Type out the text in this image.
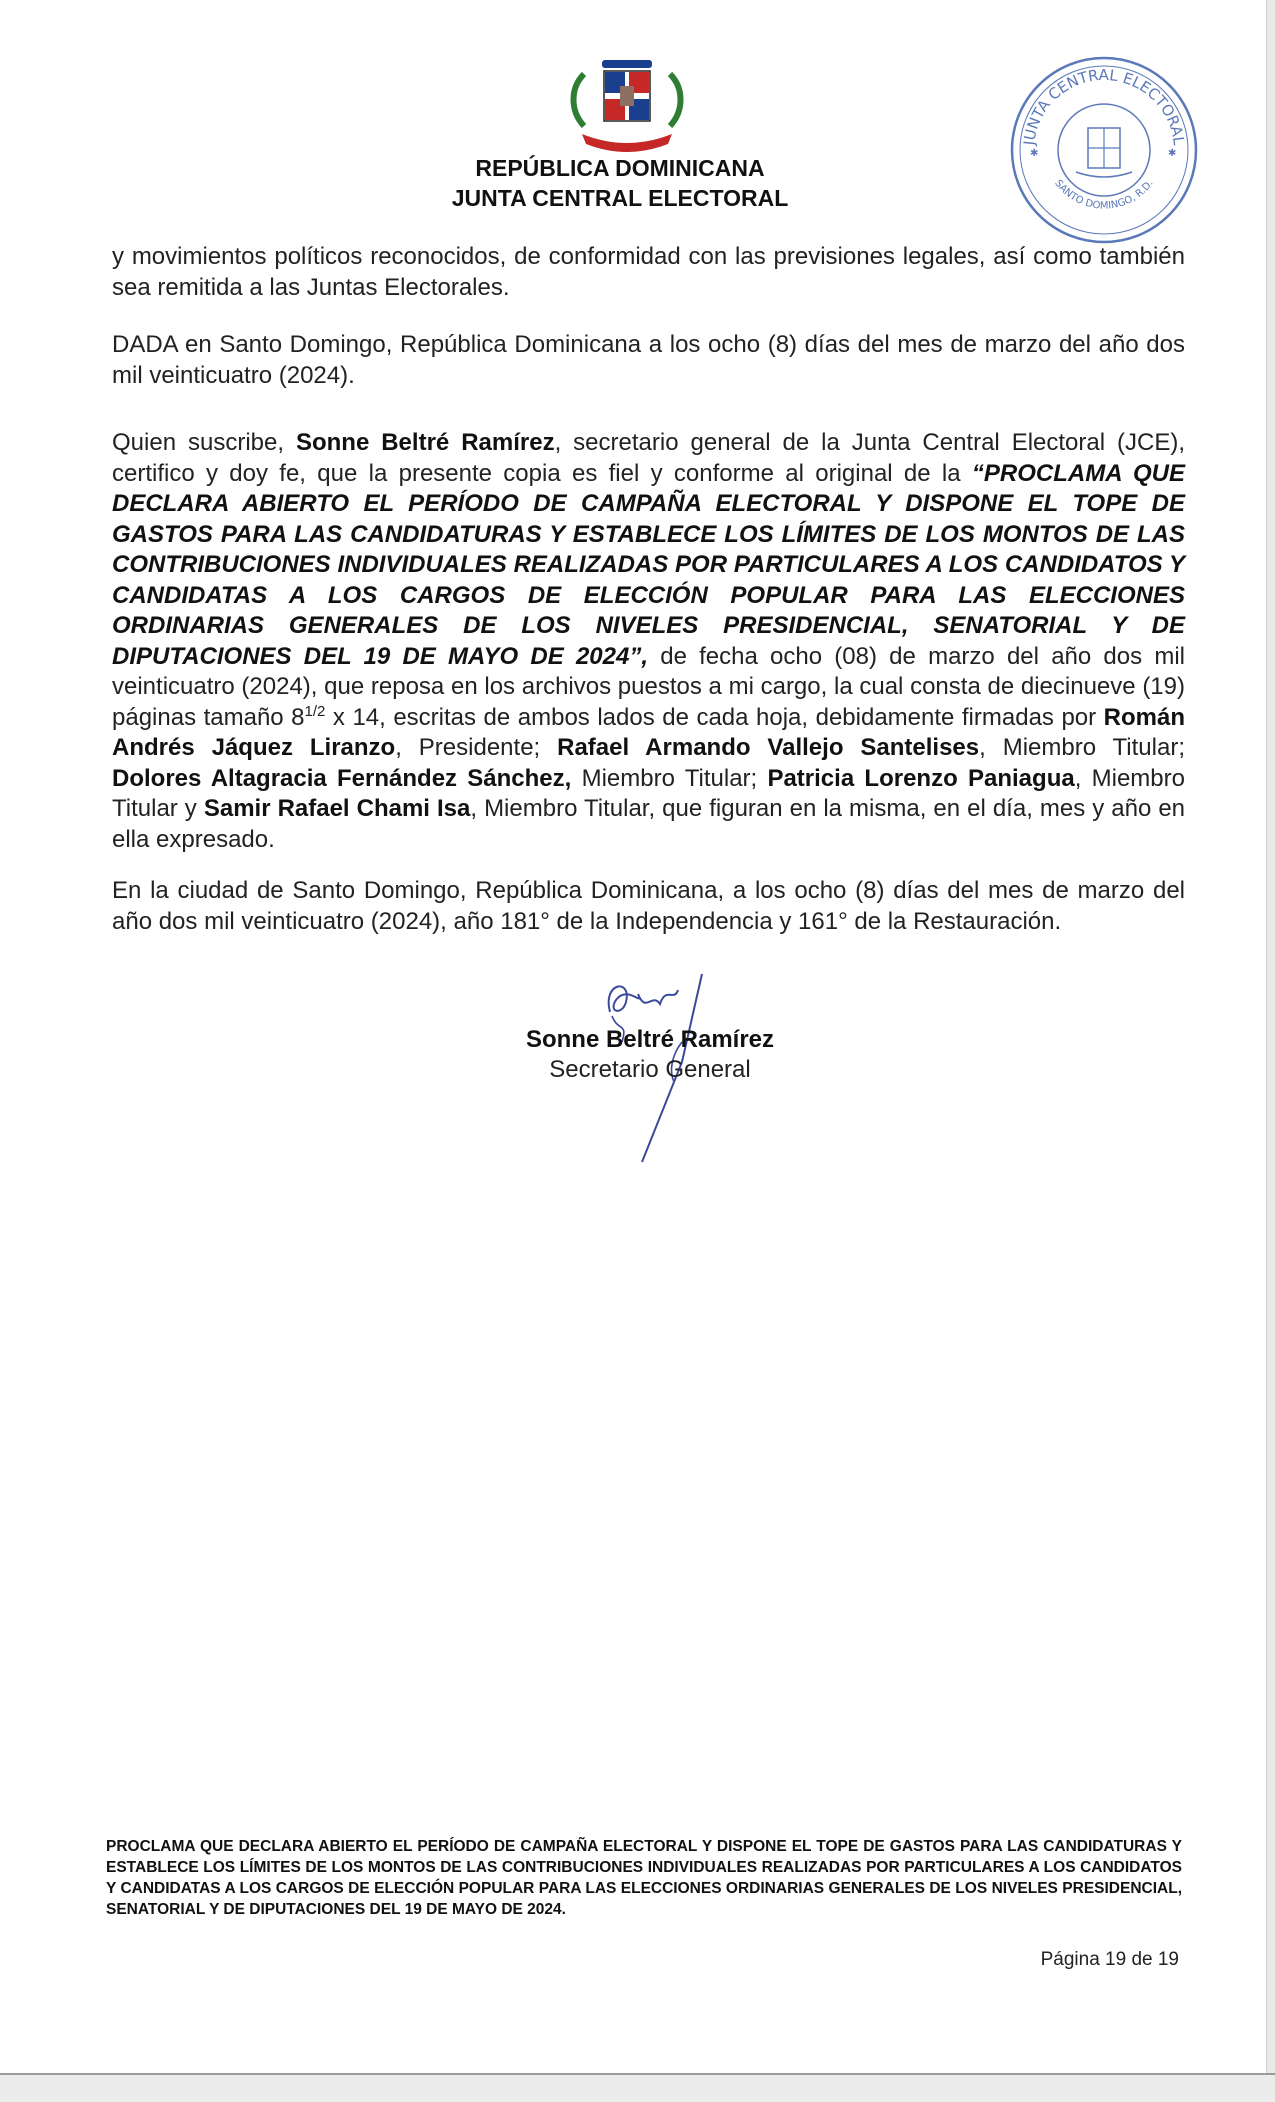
REPÚBLICA DOMINICANA
JUNTA CENTRAL ELECTORAL
JUNTA CENTRAL ELECTORAL
SANTO DOMINGO, R.D.
✱	✱

y movimientos políticos reconocidos, de conformidad con las previsiones legales, así como también sea remitida a las Juntas Electorales.

DADA en Santo Domingo, República Dominicana a los ocho (8) días del mes de marzo del año dos mil veinticuatro (2024).

Quien suscribe, Sonne Beltré Ramírez, secretario general de la Junta Central Electoral (JCE), certifico y doy fe, que la presente copia es fiel y conforme al original de la “PROCLAMA QUE DECLARA ABIERTO EL PERÍODO DE CAMPAÑA ELECTORAL Y DISPONE EL TOPE DE GASTOS PARA LAS CANDIDATURAS Y ESTABLECE LOS LÍMITES DE LOS MONTOS DE LAS CONTRIBUCIONES INDIVIDUALES REALIZADAS POR PARTICULARES A LOS CANDIDATOS Y CANDIDATAS A LOS CARGOS DE ELECCIÓN POPULAR PARA LAS ELECCIONES ORDINARIAS GENERALES DE LOS NIVELES PRESIDENCIAL, SENATORIAL Y DE DIPUTACIONES DEL 19 DE MAYO DE 2024”, de fecha ocho (08) de marzo del año dos mil veinticuatro (2024), que reposa en los archivos puestos a mi cargo, la cual consta de diecinueve (19) páginas tamaño $8^{1/2}$ x 14, escritas de ambos lados de cada hoja, debidamente firmadas por Román Andrés Jáquez Liranzo, Presidente; Rafael Armando Vallejo Santelises, Miembro Titular; Dolores Altagracia Fernández Sánchez, Miembro Titular; Patricia Lorenzo Paniagua, Miembro Titular y Samir Rafael Chami Isa, Miembro Titular, que figuran en la misma, en el día, mes y año en ella expresado.

En la ciudad de Santo Domingo, República Dominicana, a los ocho (8) días del mes de marzo del año dos mil veinticuatro (2024), año 181° de la Independencia y 161° de la Restauración.

Sonne Beltré Ramírez
Secretario General
PROCLAMA QUE DECLARA ABIERTO EL PERÍODO DE CAMPAÑA ELECTORAL Y DISPONE EL TOPE DE GASTOS PARA LAS CANDIDATURAS Y ESTABLECE LOS LÍMITES DE LOS MONTOS DE LAS CONTRIBUCIONES INDIVIDUALES REALIZADAS POR PARTICULARES A LOS CANDIDATOS Y CANDIDATAS A LOS CARGOS DE ELECCIÓN POPULAR PARA LAS ELECCIONES ORDINARIAS GENERALES DE LOS NIVELES PRESIDENCIAL, SENATORIAL Y DE DIPUTACIONES DEL 19 DE MAYO DE 2024.
Página 19 de 19
